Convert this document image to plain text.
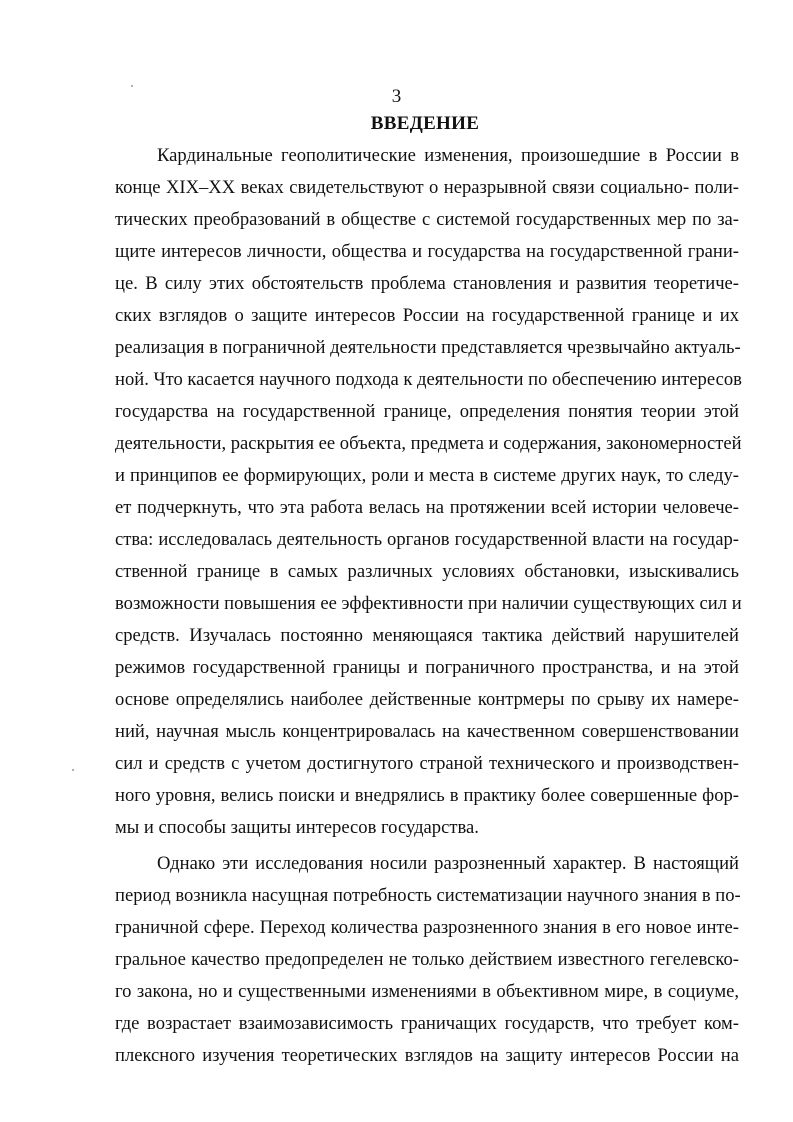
3
ВВЕДЕНИЕ
Кардинальные геополитические изменения, произошедшие в России в
конце XIX–XX веках свидетельствуют о неразрывной связи социально- поли-
тических преобразований в обществе с системой государственных мер по за-
щите интересов личности, общества и государства на государственной грани-
це. В силу этих обстоятельств проблема становления и развития теоретиче-
ских взглядов о защите интересов России на государственной границе и их
реализация в пограничной деятельности представляется чрезвычайно актуаль-
ной. Что касается научного подхода к деятельности по обеспечению интересов
государства на государственной границе, определения понятия теории этой
деятельности, раскрытия ее объекта, предмета и содержания, закономерностей
и принципов ее формирующих, роли и места в системе других наук, то следу-
ет подчеркнуть, что эта работа велась на протяжении всей истории человече-
ства: исследовалась деятельность органов государственной власти на государ-
ственной границе в самых различных условиях обстановки, изыскивались
возможности повышения ее эффективности при наличии существующих сил и
средств. Изучалась постоянно меняющаяся тактика действий нарушителей
режимов государственной границы и пограничного пространства, и на этой
основе определялись наиболее действенные контрмеры по срыву их намере-
ний, научная мысль концентрировалась на качественном совершенствовании
сил и средств с учетом достигнутого страной технического и производствен-
ного уровня, велись поиски и внедрялись в практику более совершенные фор-
мы и способы защиты интересов государства.
Однако эти исследования носили разрозненный характер. В настоящий
период возникла насущная потребность систематизации научного знания в по-
граничной сфере. Переход количества разрозненного знания в его новое инте-
гральное качество предопределен не только действием известного гегелевско-
го закона, но и существенными изменениями в объективном мире, в социуме,
где возрастает взаимозависимость граничащих государств, что требует ком-
плексного изучения теоретических взглядов на защиту интересов России на
